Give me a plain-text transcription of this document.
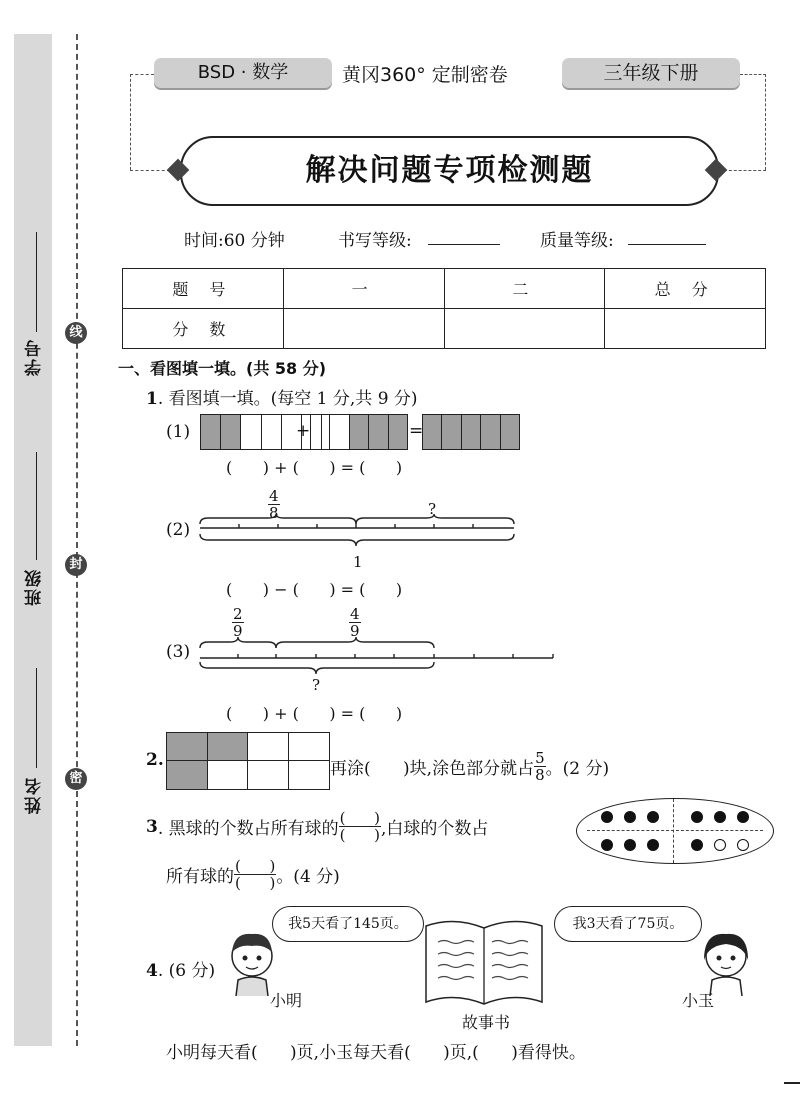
学号
班级
姓名
线
封
密
BSD · 数学	黄冈360° 定制密卷	三年级下册
解决问题专项检测题
时间:60 分钟	书写等级:	质量等级:
题 号	一	二	总 分
分 数			
一、看图填一填。(共 58 分)
1. 看图填一填。(每空 1 分,共 9 分)
(1)	+	=
(      ) + (      ) = (      )
(2)
$\frac{4}{8}$	?
1
(      ) − (      ) = (      )
(3)
$\frac{2}{9}$	$\frac{4}{9}$
?
(      ) + (      ) = (      )
2.	再涂(      )块,涂色部分就占 $\frac{5}{8}$ 。(2 分)
3 . 黑球的个数占所有球的 $\frac{( )}{( )}$ ,白球的个数占
所有球的 $\frac{( )}{( )}$ 。(4 分)
4. (6 分)
我5天看了145页。	我3天看了75页。
小明
故事书
小玉
小明每天看(      )页,小玉每天看(      )页,(      )看得快。
